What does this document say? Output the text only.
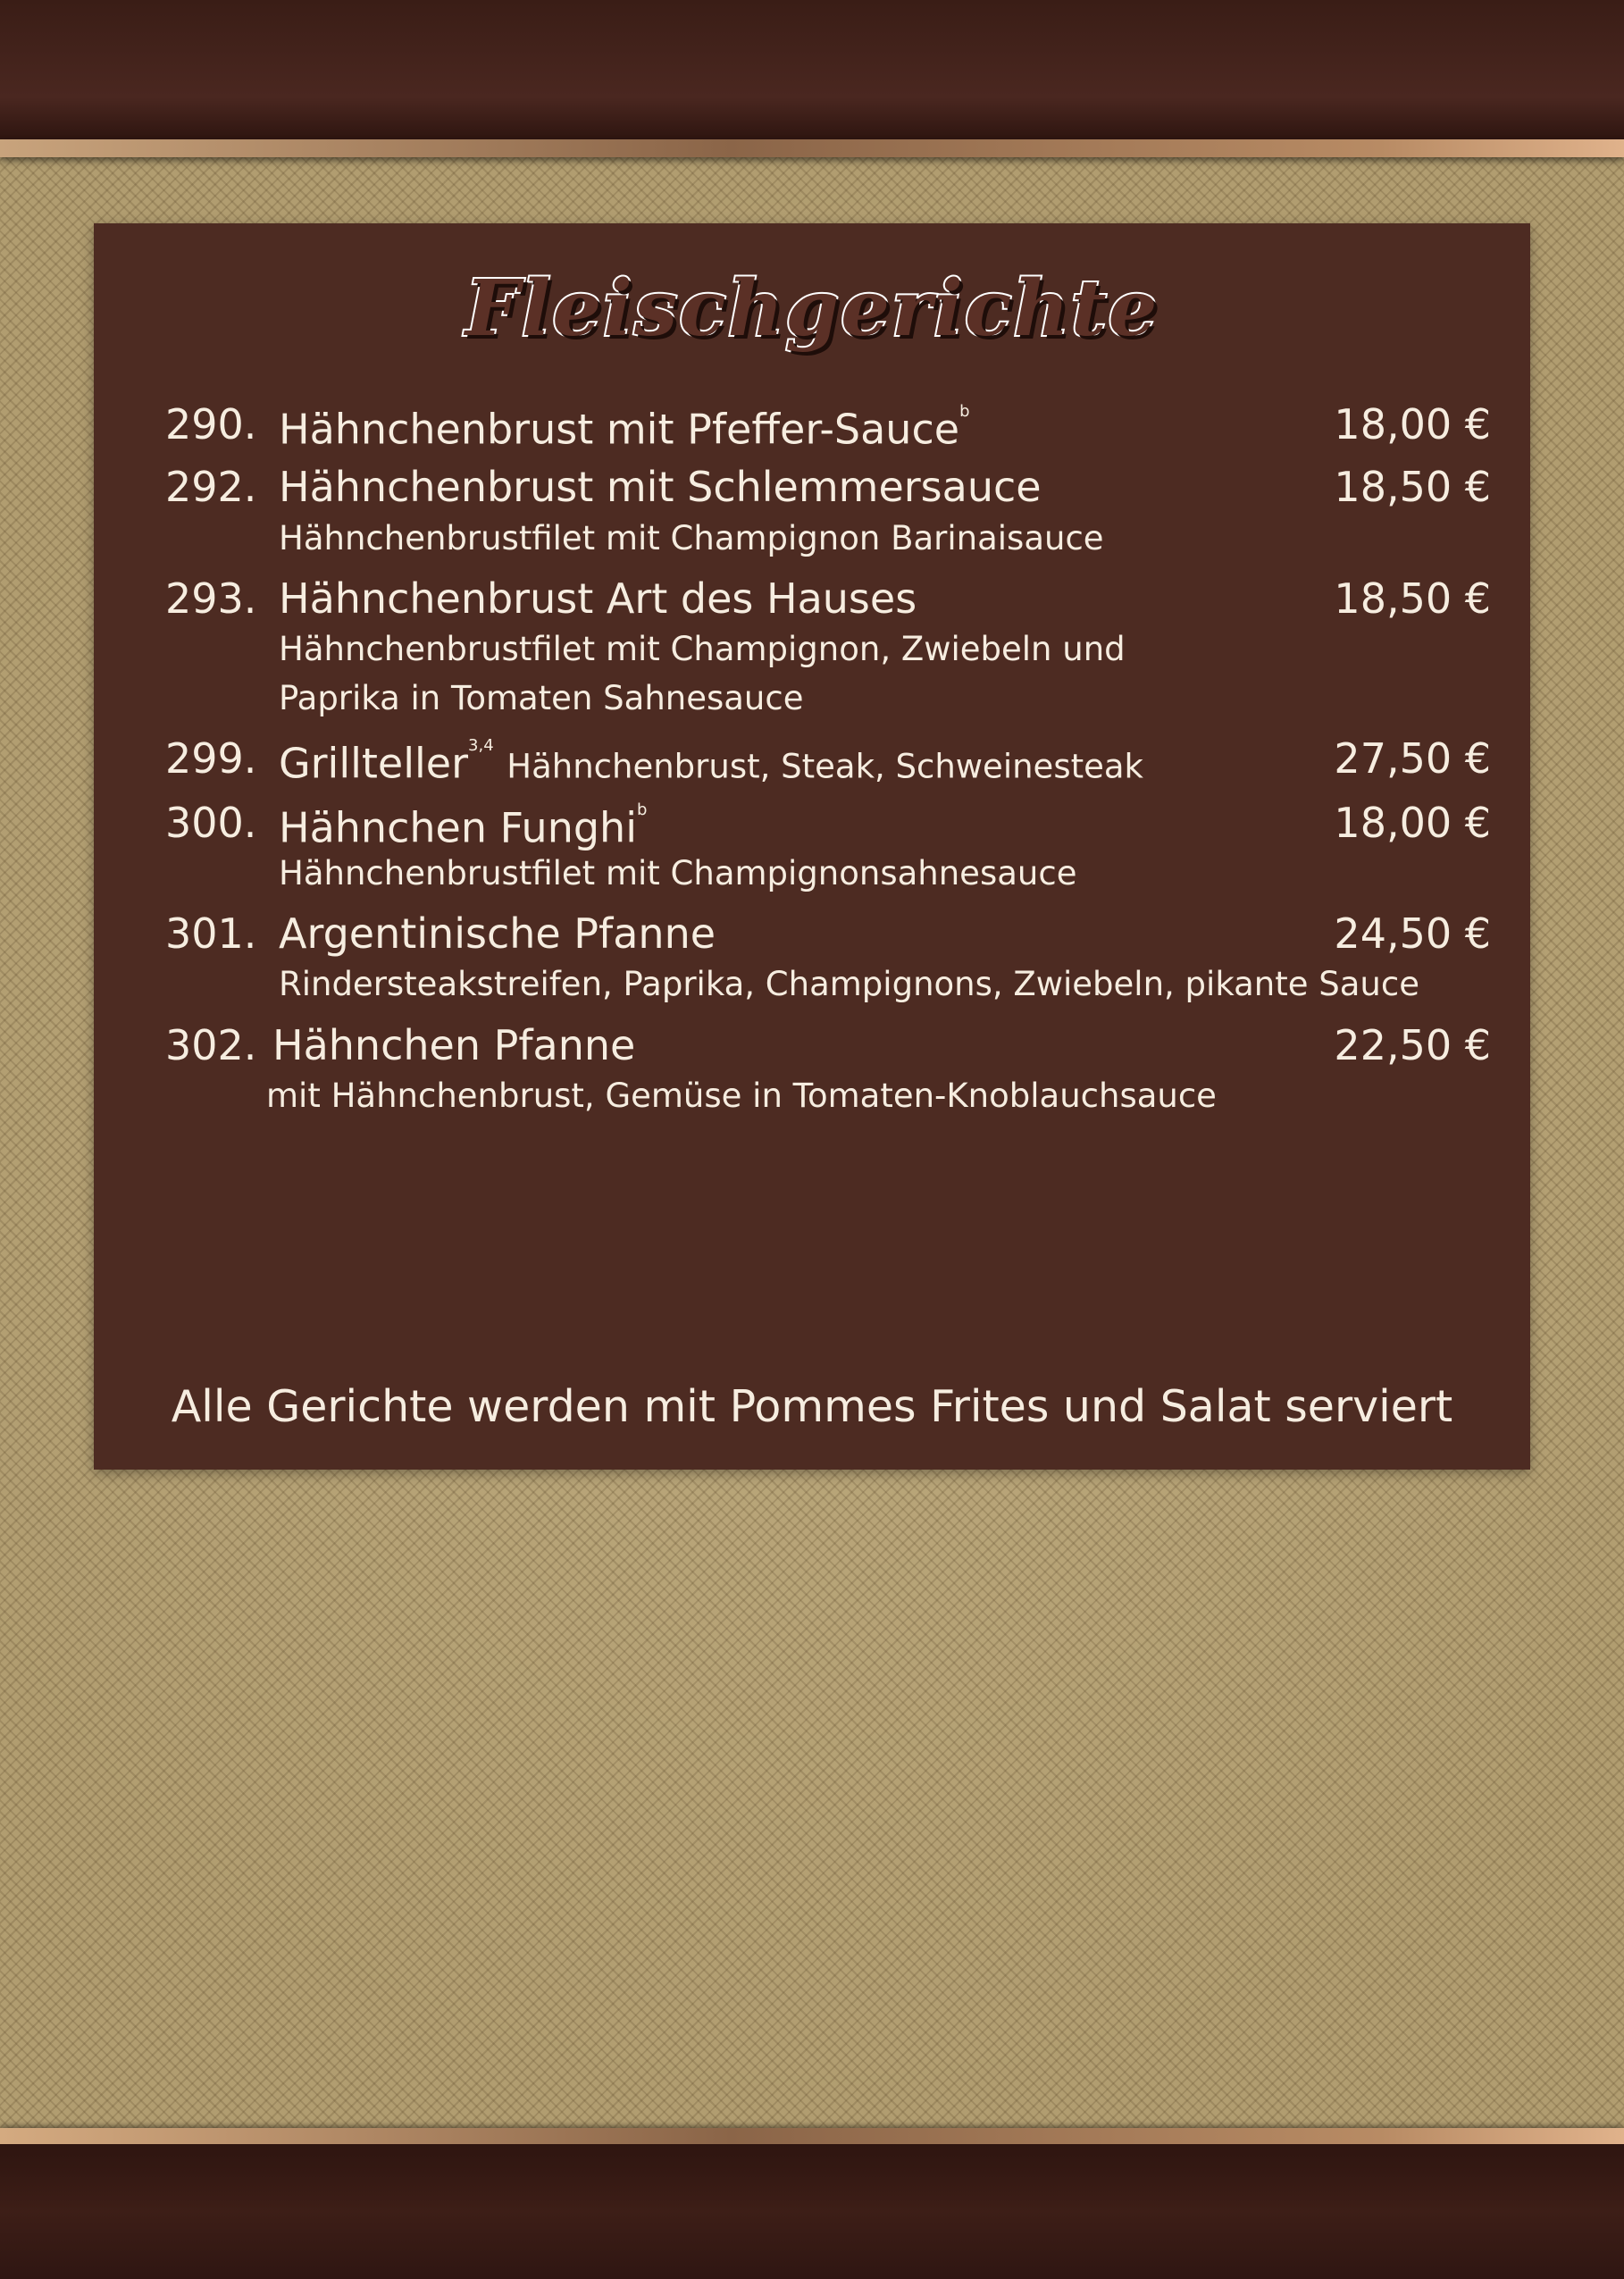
Fleischgerichte
290. Hähnchenbrust mit Pfeffer-Sauce$^b$	18,00 €
292. Hähnchenbrust mit Schlemmersauce	18,50 €
Hähnchenbrustfilet mit Champignon Barinaisauce
293. Hähnchenbrust Art des Hauses	18,50 €
Hähnchenbrustfilet mit Champignon, Zwiebeln und
Paprika in Tomaten Sahnesauce
299. Grillteller$^{3,4}$ Hähnchenbrust, Steak, Schweinesteak	27,50 €
300. Hähnchen Funghi$^b$	18,00 €
Hähnchenbrustfilet mit Champignonsahnesauce
301. Argentinische Pfanne	24,50 €
Rindersteakstreifen, Paprika, Champignons, Zwiebeln, pikante Sauce
302. Hähnchen Pfanne	22,50 €
mit Hähnchenbrust, Gemüse in Tomaten-Knoblauchsauce
Alle Gerichte werden mit Pommes Frites und Salat serviert
